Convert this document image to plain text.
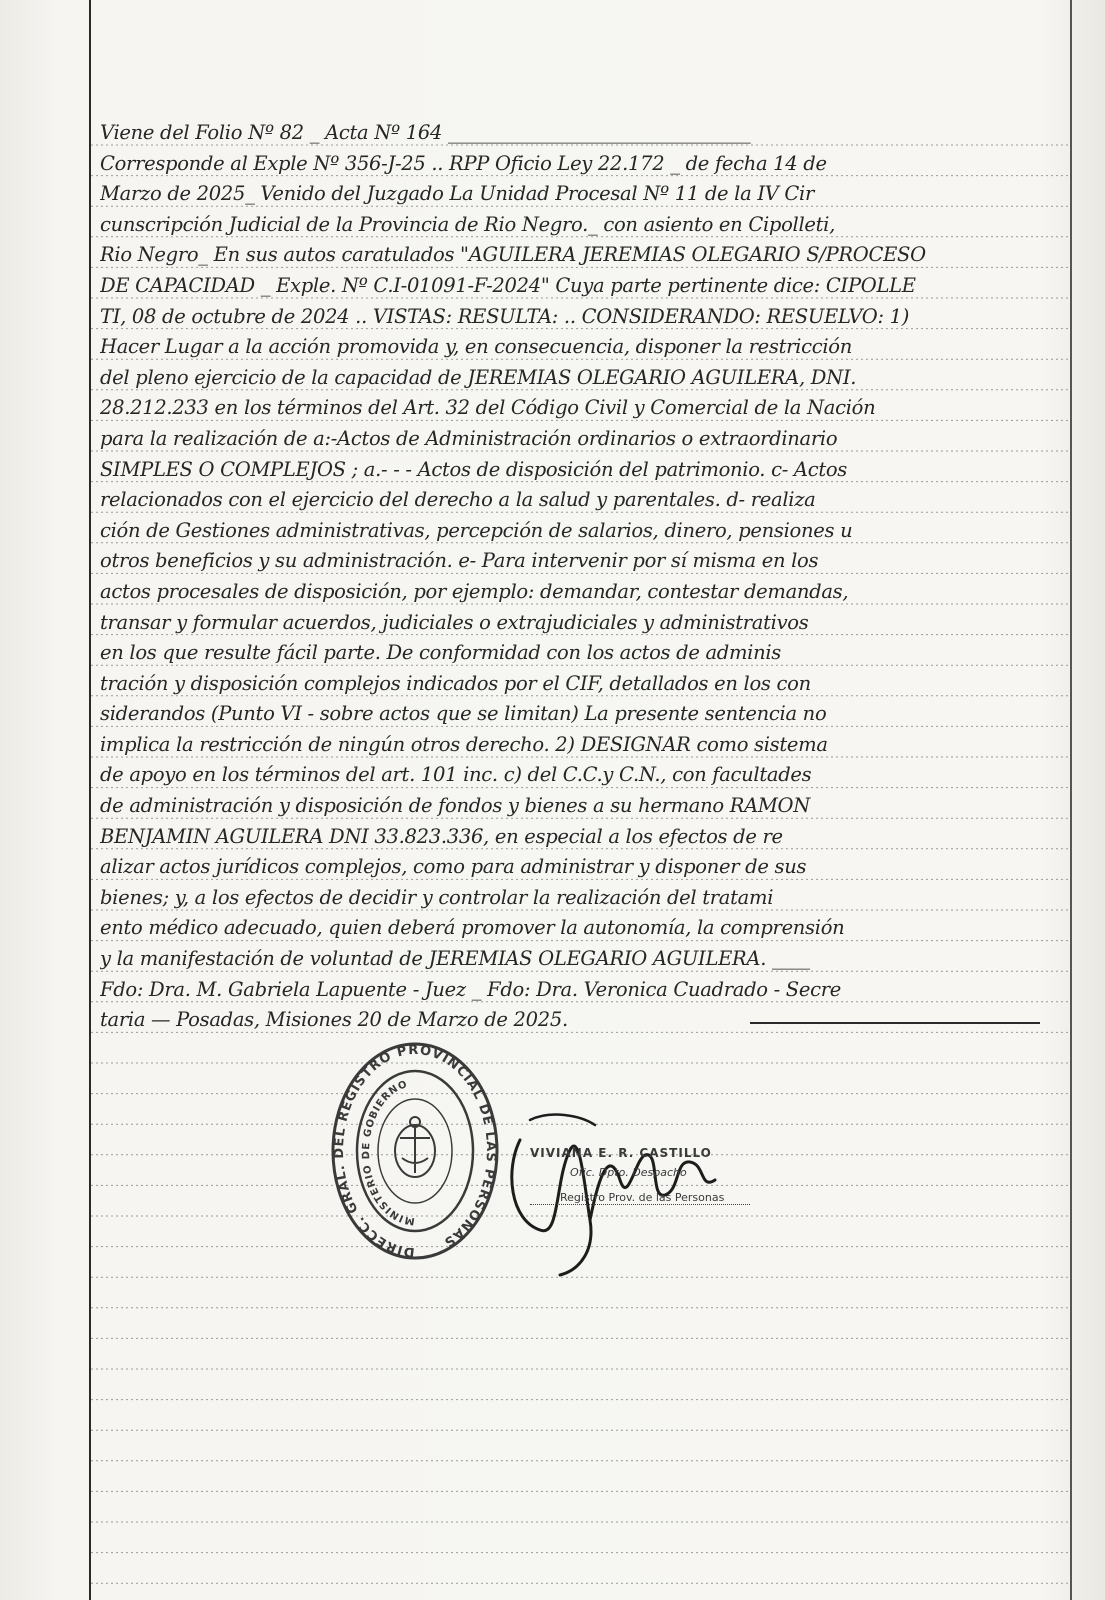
Viene del Folio Nº 82 _ Acta Nº 164 ________________________________
Corresponde al Exple Nº 356-J-25 .. RPP Oficio Ley 22.172 _ de fecha 14 de
Marzo de 2025_ Venido del Juzgado La Unidad Procesal Nº 11 de la IV Cir
cunscripción Judicial de la Provincia de Rio Negro._ con asiento en Cipolleti,
Rio Negro_ En sus autos caratulados "AGUILERA JEREMIAS OLEGARIO S/PROCESO
DE CAPACIDAD _ Exple. Nº C.I-01091-F-2024" Cuya parte pertinente dice: CIPOLLE
TI, 08 de octubre de 2024 .. VISTAS: RESULTA: .. CONSIDERANDO: RESUELVO: 1)
Hacer Lugar a la acción promovida y, en consecuencia, disponer la restricción
del pleno ejercicio de la capacidad de JEREMIAS OLEGARIO AGUILERA, DNI.
28.212.233 en los términos del Art. 32 del Código Civil y Comercial de la Nación
para la realización de a:-Actos de Administración ordinarios o extraordinario
SIMPLES O COMPLEJOS ; a.- - - Actos de disposición del patrimonio. c- Actos
relacionados con el ejercicio del derecho a la salud y parentales. d- realiza
ción de Gestiones administrativas, percepción de salarios, dinero, pensiones u
otros beneficios y su administración. e- Para intervenir por sí misma en los
actos procesales de disposición, por ejemplo: demandar, contestar demandas,
transar y formular acuerdos, judiciales o extrajudiciales y administrativos
en los que resulte fácil parte. De conformidad con los actos de adminis
tración y disposición complejos indicados por el CIF, detallados en los con
siderandos (Punto VI - sobre actos que se limitan) La presente sentencia no
implica la restricción de ningún otros derecho. 2) DESIGNAR como sistema
de apoyo en los términos del art. 101 inc. c) del C.C.y C.N., con facultades
de administración y disposición de fondos y bienes a su hermano RAMON
BENJAMIN AGUILERA DNI 33.823.336, en especial a los efectos de re
alizar actos jurídicos complejos, como para administrar y disponer de sus
bienes; y, a los efectos de decidir y controlar la realización del tratami
ento médico adecuado, quien deberá promover la autonomía, la comprensión
y la manifestación de voluntad de JEREMIAS OLEGARIO AGUILERA. ____
Fdo: Dra. M. Gabriela Lapuente - Juez _ Fdo: Dra. Veronica Cuadrado - Secre
taria — Posadas, Misiones 20 de Marzo de 2025.
DIRECC. GRAL. DEL REGISTRO PROVINCIAL DE LAS PERSONAS
MINISTERIO DE GOBIERNO
VIVIANA E. R. CASTILLO
Ofic. Dpto. Despacho
Registro Prov. de las Personas
